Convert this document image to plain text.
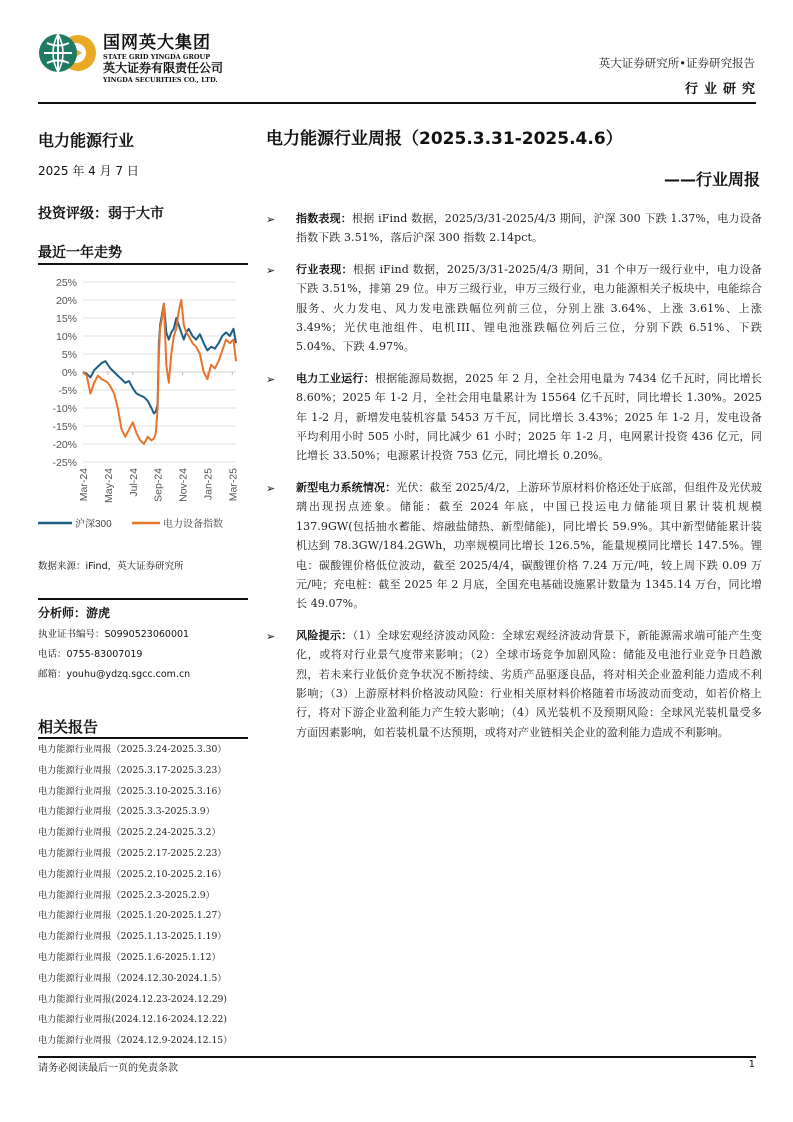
国网英大集团
STATE GRID YINGDA GROUP
英大证券有限责任公司
YINGDA SECURITIES CO., LTD.
英大证券研究所•证券研究报告
行业研究
电力能源行业
2025 年 4 月 7 日
投资评级：弱于大市
最近一年走势
25%
20%
15%
10%
5%
0%
-5%
-10%
-15%
-20%
-25%
Mar-24 May-24 Jul-24 Sep-24 Nov-24 Jan-25 Mar-25
沪深300	电力设备指数
数据来源：iFind，英大证券研究所
分析师：游虎
执业证书编号：S0990523060001
电话：0755-83007019
邮箱：youhu@ydzq.sgcc.com.cn
相关报告
电力能源行业周报（2025.3.24-2025.3.30）
电力能源行业周报（2025.3.17-2025.3.23）
电力能源行业周报（2025.3.10-2025.3.16）
电力能源行业周报（2025.3.3-2025.3.9）
电力能源行业周报（2025.2.24-2025.3.2）
电力能源行业周报（2025.2.17-2025.2.23）
电力能源行业周报（2025.2.10-2025.2.16）
电力能源行业周报（2025.2.3-2025.2.9）
电力能源行业周报（2025.1.20-2025.1.27）
电力能源行业周报（2025.1.13-2025.1.19）
电力能源行业周报（2025.1.6-2025.1.12）
电力能源行业周报（2024.12.30-2024.1.5）
电力能源行业周报(2024.12.23-2024.12.29)
电力能源行业周报(2024.12.16-2024.12.22)
电力能源行业周报（2024.12.9-2024.12.15）
电力能源行业周报（2025.3.31-2025.4.6）
——行业周报
➢ 指数表现：根据 iFind 数据，2025/3/31-2025/4/3 期间，沪深 300 下跌 1.37%，电力设备指数下跌 3.51%，落后沪深 300 指数 2.14pct。

➢ 行业表现：根据 iFind 数据，2025/3/31-2025/4/3 期间，31 个申万一级行业中，电力设备下跌 3.51%，排第 29 位。申万三级行业，申万三级行业，电力能源相关子板块中，电能综合服务、火力发电、风力发电涨跌幅位列前三位，分别上涨 3.64%、上涨 3.61%、上涨 3.49%；光伏电池组件、电机III、锂电池涨跌幅位列后三位，分别下跌 6.51%、下跌 5.04%、下跌 4.97%。

➢ 电力工业运行：根据能源局数据，2025 年 2 月，全社会用电量为 7434 亿千瓦时，同比增长 8.60%；2025 年 1-2 月，全社会用电量累计为 15564 亿千瓦时，同比增长 1.30%。2025 年 1-2 月，新增发电装机容量 5453 万千瓦，同比增长 3.43%；2025 年 1-2 月，发电设备平均利用小时 505 小时，同比减少 61 小时；2025 年 1-2 月，电网累计投资 436 亿元，同比增长 33.50%；电源累计投资 753 亿元，同比增长 0.20%。

➢ 新型电力系统情况：光伏：截至 2025/4/2，上游环节原材料价格还处于底部，但组件及光伏玻璃出现拐点迹象。储能：截至 2024 年底，中国已投运电力储能项目累计装机规模 137.9GW(包括抽水蓄能、熔融盐储热、新型储能)，同比增长 59.9%。其中新型储能累计装机达到 78.3GW/184.2GWh，功率规模同比增长 126.5%，能量规模同比增长 147.5%。锂电：碳酸锂价格低位波动，截至 2025/4/4，碳酸锂价格 7.24 万元/吨，较上周下跌 0.09 万元/吨；充电桩：截至 2025 年 2 月底，全国充电基础设施累计数量为 1345.14 万台，同比增长 49.07%。

➢ 风险提示：（1）全球宏观经济波动风险：全球宏观经济波动背景下，新能源需求端可能产生变化，或将对行业景气度带来影响；（2）全球市场竞争加剧风险：储能及电池行业竞争日趋激烈，若未来行业低价竞争状况不断持续、劣质产品驱逐良品，将对相关企业盈利能力造成不利影响；（3）上游原材料价格波动风险：行业相关原材料价格随着市场波动而变动，如若价格上行，将对下游企业盈利能力产生较大影响；（4）风光装机不及预期风险：全球风光装机量受多方面因素影响，如若装机量不达预期，或将对产业链相关企业的盈利能力造成不利影响。

请务必阅读最后一页的免责条款	1
